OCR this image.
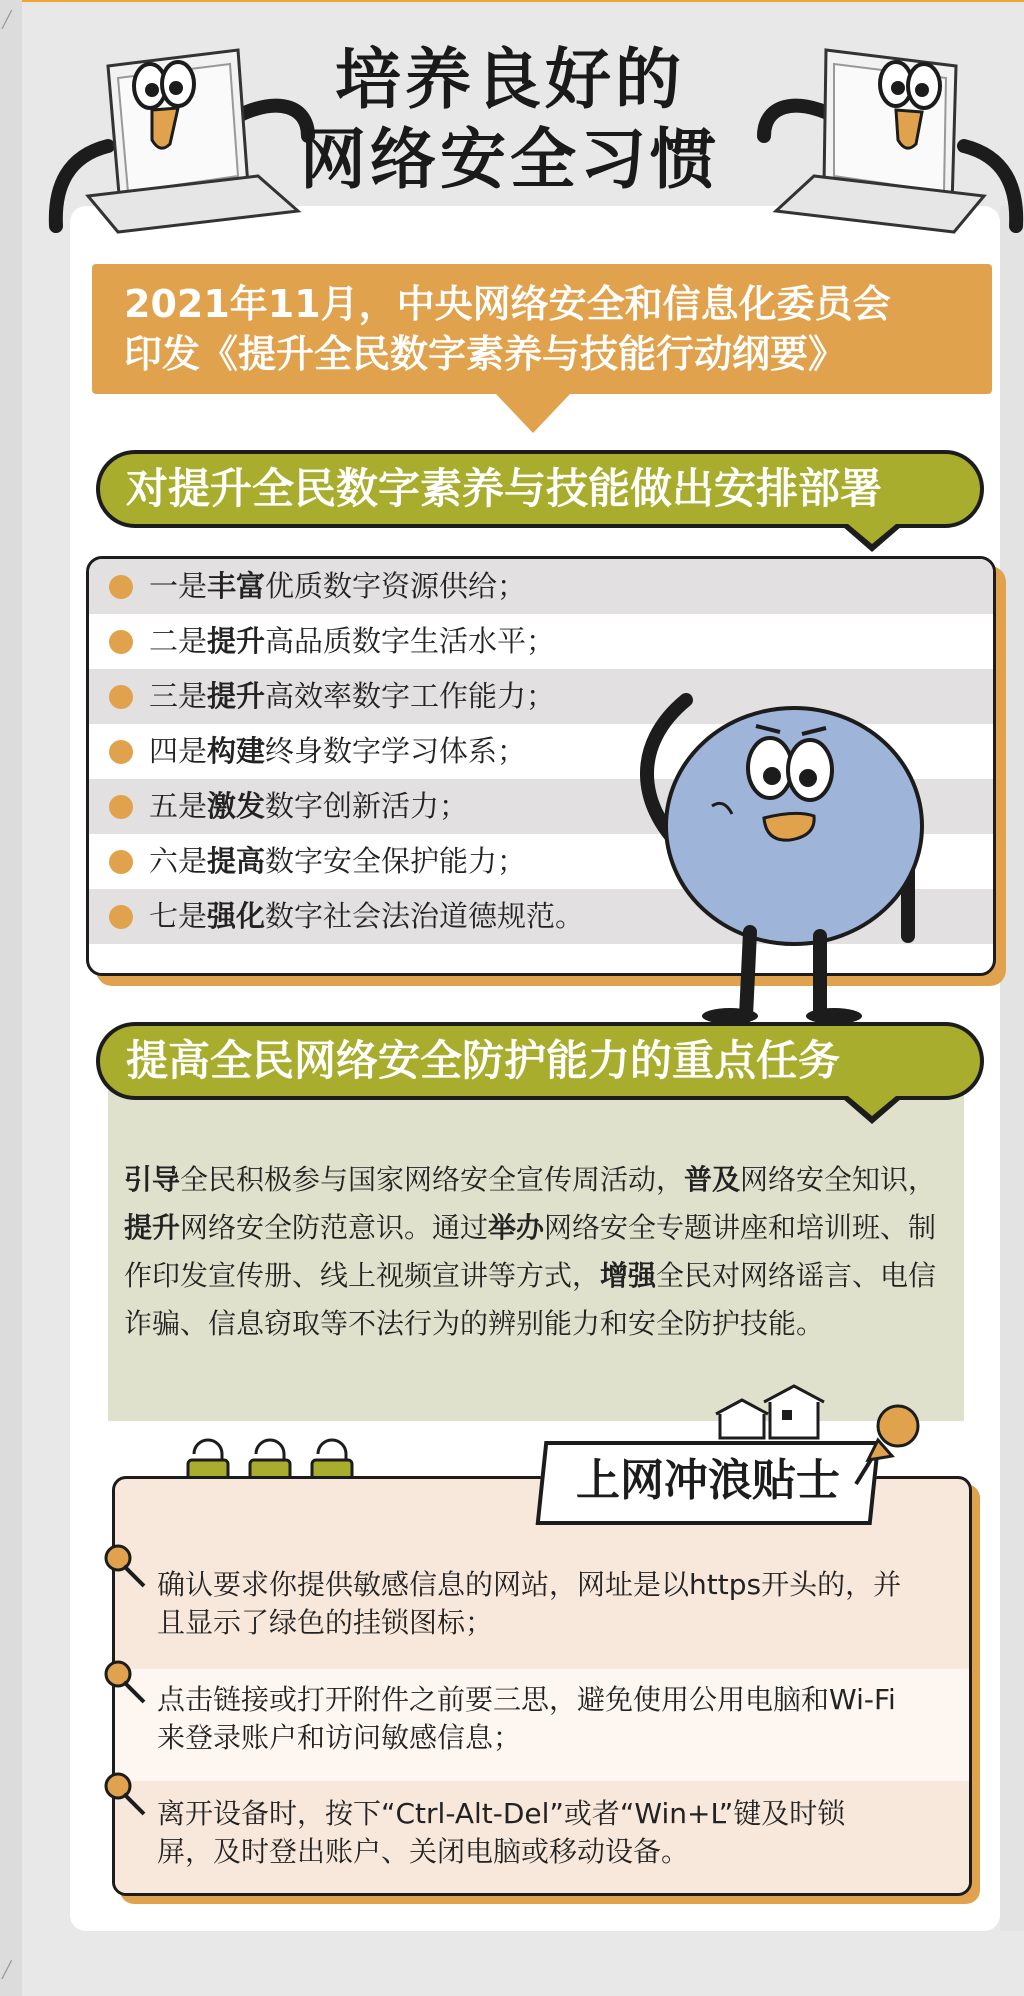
╱
╱
培养良好的
网络安全习惯
2021年11月，中央网络安全和信息化委员会
印发《提升全民数字素养与技能行动纲要》
对提升全民数字素养与技能做出安排部署
一是丰富优质数字资源供给；
二是提升高品质数字生活水平；
三是提升高效率数字工作能力；
四是构建终身数字学习体系；
五是激发数字创新活力；
六是提高数字安全保护能力；
七是强化数字社会法治道德规范。
提高全民网络安全防护能力的重点任务
引导全民积极参与国家网络安全宣传周活动，普及网络安全知识，提升网络安全防范意识。通过举办网络安全专题讲座和培训班、制作印发宣传册、线上视频宣讲等方式，增强全民对网络谣言、电信诈骗、信息窃取等不法行为的辨别能力和安全防护技能。
确认要求你提供敏感信息的网站，网址是以https开头的，并
且显示了绿色的挂锁图标；
点击链接或打开附件之前要三思，避免使用公用电脑和Wi-Fi
来登录账户和访问敏感信息；
离开设备时，按下“Ctrl-Alt-Del”或者“Win+L”键及时锁
屏，及时登出账户、关闭电脑或移动设备。
上网冲浪贴士
